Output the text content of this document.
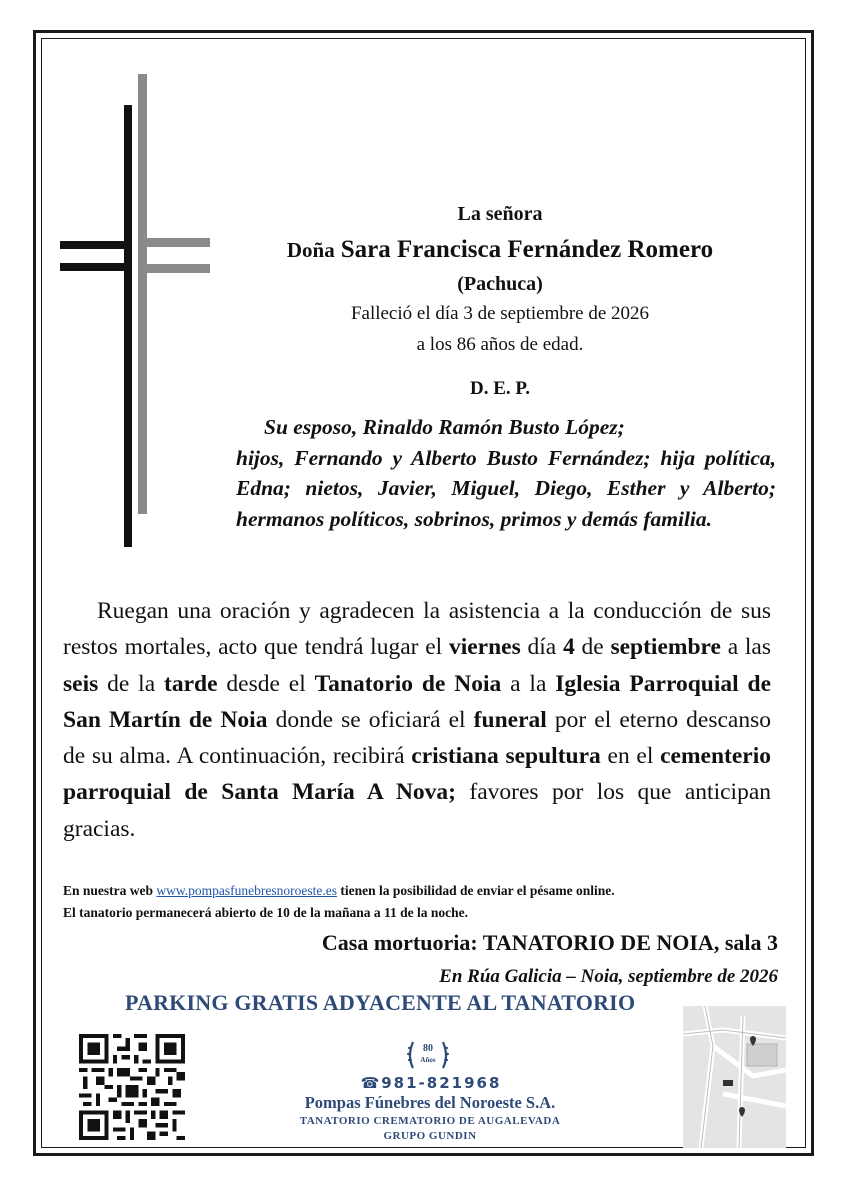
La señora
Doña Sara Francisca Fernández Romero
(Pachuca)
Falleció el día 3 de septiembre de 2026
a los 86 años de edad.
D. E. P.

Su esposo, Rinaldo Ramón Busto López;

hijos, Fernando y Alberto Busto Fernández; hija política, Edna; nietos, Javier, Miguel, Diego, Esther y Alberto; hermanos políticos, sobrinos, primos y demás familia.

Ruegan una oración y agradecen la asistencia a la conducción de sus restos mortales, acto que tendrá lugar el viernes día 4 de septiembre a las seis de la tarde desde el Tanatorio de Noia a la Iglesia Parroquial de San Martín de Noia donde se oficiará el funeral por el eterno descanso de su alma. A continuación, recibirá cristiana sepultura en el cementerio parroquial de Santa María A Nova; favores por los que anticipan gracias.
En nuestra web www.pompasfunebresnoroeste.es tienen la posibilidad de enviar el pésame online.
El tanatorio permanecerá abierto de 10 de la mañana a 11 de la noche.
Casa mortuoria: TANATORIO DE NOIA, sala 3
En Rúa Galicia – Noia, septiembre de 2026
PARKING GRATIS ADYACENTE AL TANATORIO
80
Años
☎981-821968
Pompas Fúnebres del Noroeste S.A.
TANATORIO CREMATORIO DE AUGALEVADA
GRUPO GUNDIN
